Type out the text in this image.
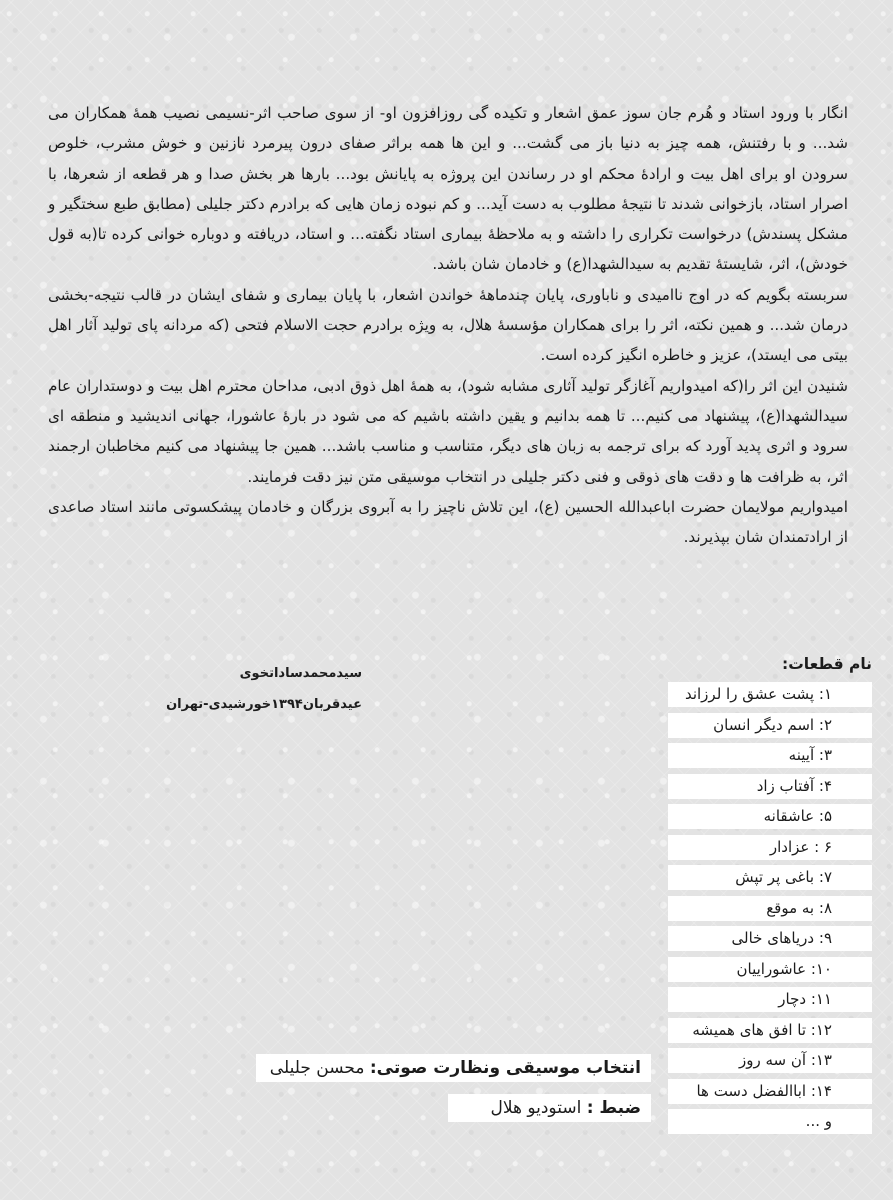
انگار با ورود استاد و هُرم جان سوز عمق اشعار و تکیده گی روزافزون او- از سوی صاحب اثر-نسیمی نصیب همهٔ همکاران می شد... و با رفتنش، همه چیز به دنیا باز می گشت... و این ها همه براثر صفای درون پیرمرد نازنین و خوش مشرب، خلوص سرودن او برای اهل بیت و ارادهٔ محکم او در رساندن این پروژه به پایانش بود... بارها هر بخش صدا و هر قطعه از شعرها، با اصرار استاد، بازخوانی شدند تا نتیجهٔ مطلوب به دست آید... و کم نبوده زمان هایی که برادرم دکتر جلیلی (مطابق طبع سختگیر و مشکل پسندش) درخواست تکراری را داشته و به ملاحظهٔ بیماری استاد نگفته... و استاد، دریافته و دوباره خوانی کرده تا(به قول خودش)، اثر، شایستهٔ تقدیم به سیدالشهدا(ع) و خادمان شان باشد.

سربسته بگویم که در اوج ناامیدی و ناباوری، پایان چندماههٔ خواندن اشعار، با پایان بیماری و شفای ایشان در قالب نتیجه-بخشی درمان شد... و همین نکته، اثر را برای همکاران مؤسسهٔ هلال، به ویژه برادرم حجت الاسلام فتحی (که مردانه پای تولید آثار اهل بیتی می ایستد)، عزیز و خاطره انگیز کرده است.

شنیدن این اثر را(که امیدواریم آغازگر تولید آثاری مشابه شود)، به همهٔ اهل ذوق ادبی، مداحان محترم اهل بیت و دوستداران عام سیدالشهدا(ع)، پیشنهاد می کنیم... تا همه بدانیم و یقین داشته باشیم که می شود در بارهٔ عاشورا، جهانی اندیشید و منطقه ای سرود و اثری پدید آورد که برای ترجمه به زبان های دیگر، متناسب و مناسب باشد... همین جا پیشنهاد می کنیم مخاطبان ارجمند اثر، به ظرافت ها و دقت های ذوقی و فنی دکتر جلیلی در انتخاب موسیقی متن نیز دقت فرمایند.

امیدواریم مولایمان حضرت اباعبدالله الحسین (ع)، این تلاش ناچیز را به آبروی بزرگان و خادمان پیشکسوتی مانند استاد صاعدی از ارادتمندان شان بپذیرند.

سیدمحمدساداتخوی
عیدقربان۱۳۹۴خورشیدی-تهران
نام قطعات:
۱: پشت عشق را لرزاند
۲: اسم دیگر انسان
۳: آیینه
۴: آفتاب زاد
۵: عاشقانه
۶ : عزادار
۷: باغی پر تپش
۸: به موقع
۹: دریاهای خالی
۱۰: عاشوراییان
۱۱: دچار
۱۲: تا افق های همیشه
۱۳: آن سه روز
۱۴: اباالفضل دست ها
و ...
انتخاب موسیقی ونظارت صوتی: محسن جلیلی
ضبط : استودیو هلال
